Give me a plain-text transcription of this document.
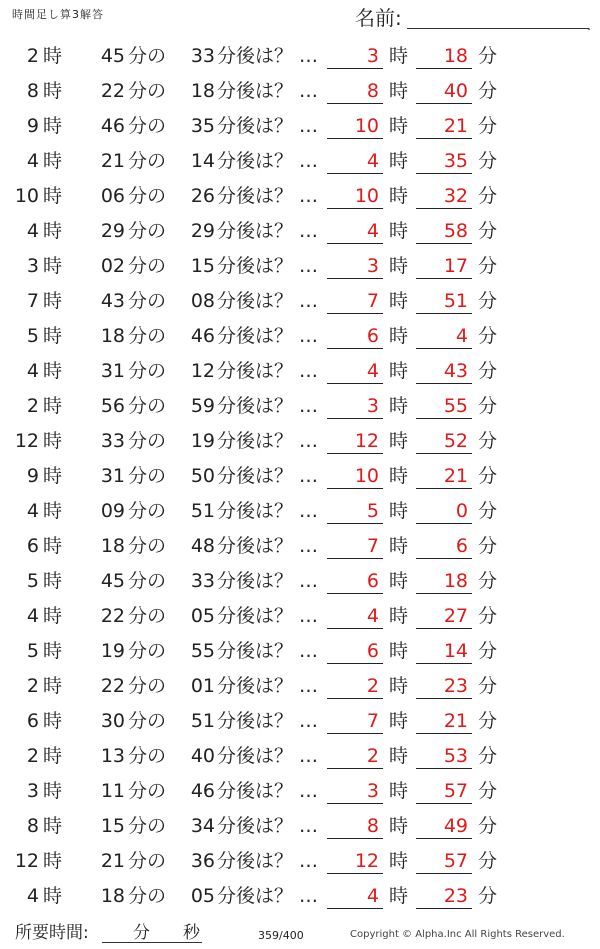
時間足し算3解答	名前:	.
2 時 45 分の 33 分後は？ …	3 時	18 分
8 時 22 分の 18 分後は？ …	8 時	40 分
9 時 46 分の 35 分後は？ …	10 時	21 分
4 時 21 分の 14 分後は？ …	4 時	35 分
10 時 06 分の 26 分後は？ …	10 時	32 分
4 時 29 分の 29 分後は？ …	4 時	58 分
3 時 02 分の 15 分後は？ …	3 時	17 分
7 時 43 分の 08 分後は？ …	7 時	51 分
5 時 18 分の 46 分後は？ …	6 時	4 分
4 時 31 分の 12 分後は？ …	4 時	43 分
2 時 56 分の 59 分後は？ …	3 時	55 分
12 時 33 分の 19 分後は？ …	12 時	52 分
9 時 31 分の 50 分後は？ …	10 時	21 分
4 時 09 分の 51 分後は？ …	5 時	0 分
6 時 18 分の 48 分後は？ …	7 時	6 分
5 時 45 分の 33 分後は？ …	6 時	18 分
4 時 22 分の 05 分後は？ …	4 時	27 分
5 時 19 分の 55 分後は？ …	6 時	14 分
2 時 22 分の 01 分後は？ …	2 時	23 分
6 時 30 分の 51 分後は？ …	7 時	21 分
2 時 13 分の 40 分後は？ …	2 時	53 分
3 時 11 分の 46 分後は？ …	3 時	57 分
8 時 15 分の 34 分後は？ …	8 時	49 分
12 時 21 分の 36 分後は？ …	12 時	57 分
4 時 18 分の 05 分後は？ …	4 時	23 分
所要時間:	分 秒	359/400	Copyright © Alpha.Inc All Rights Reserved.
